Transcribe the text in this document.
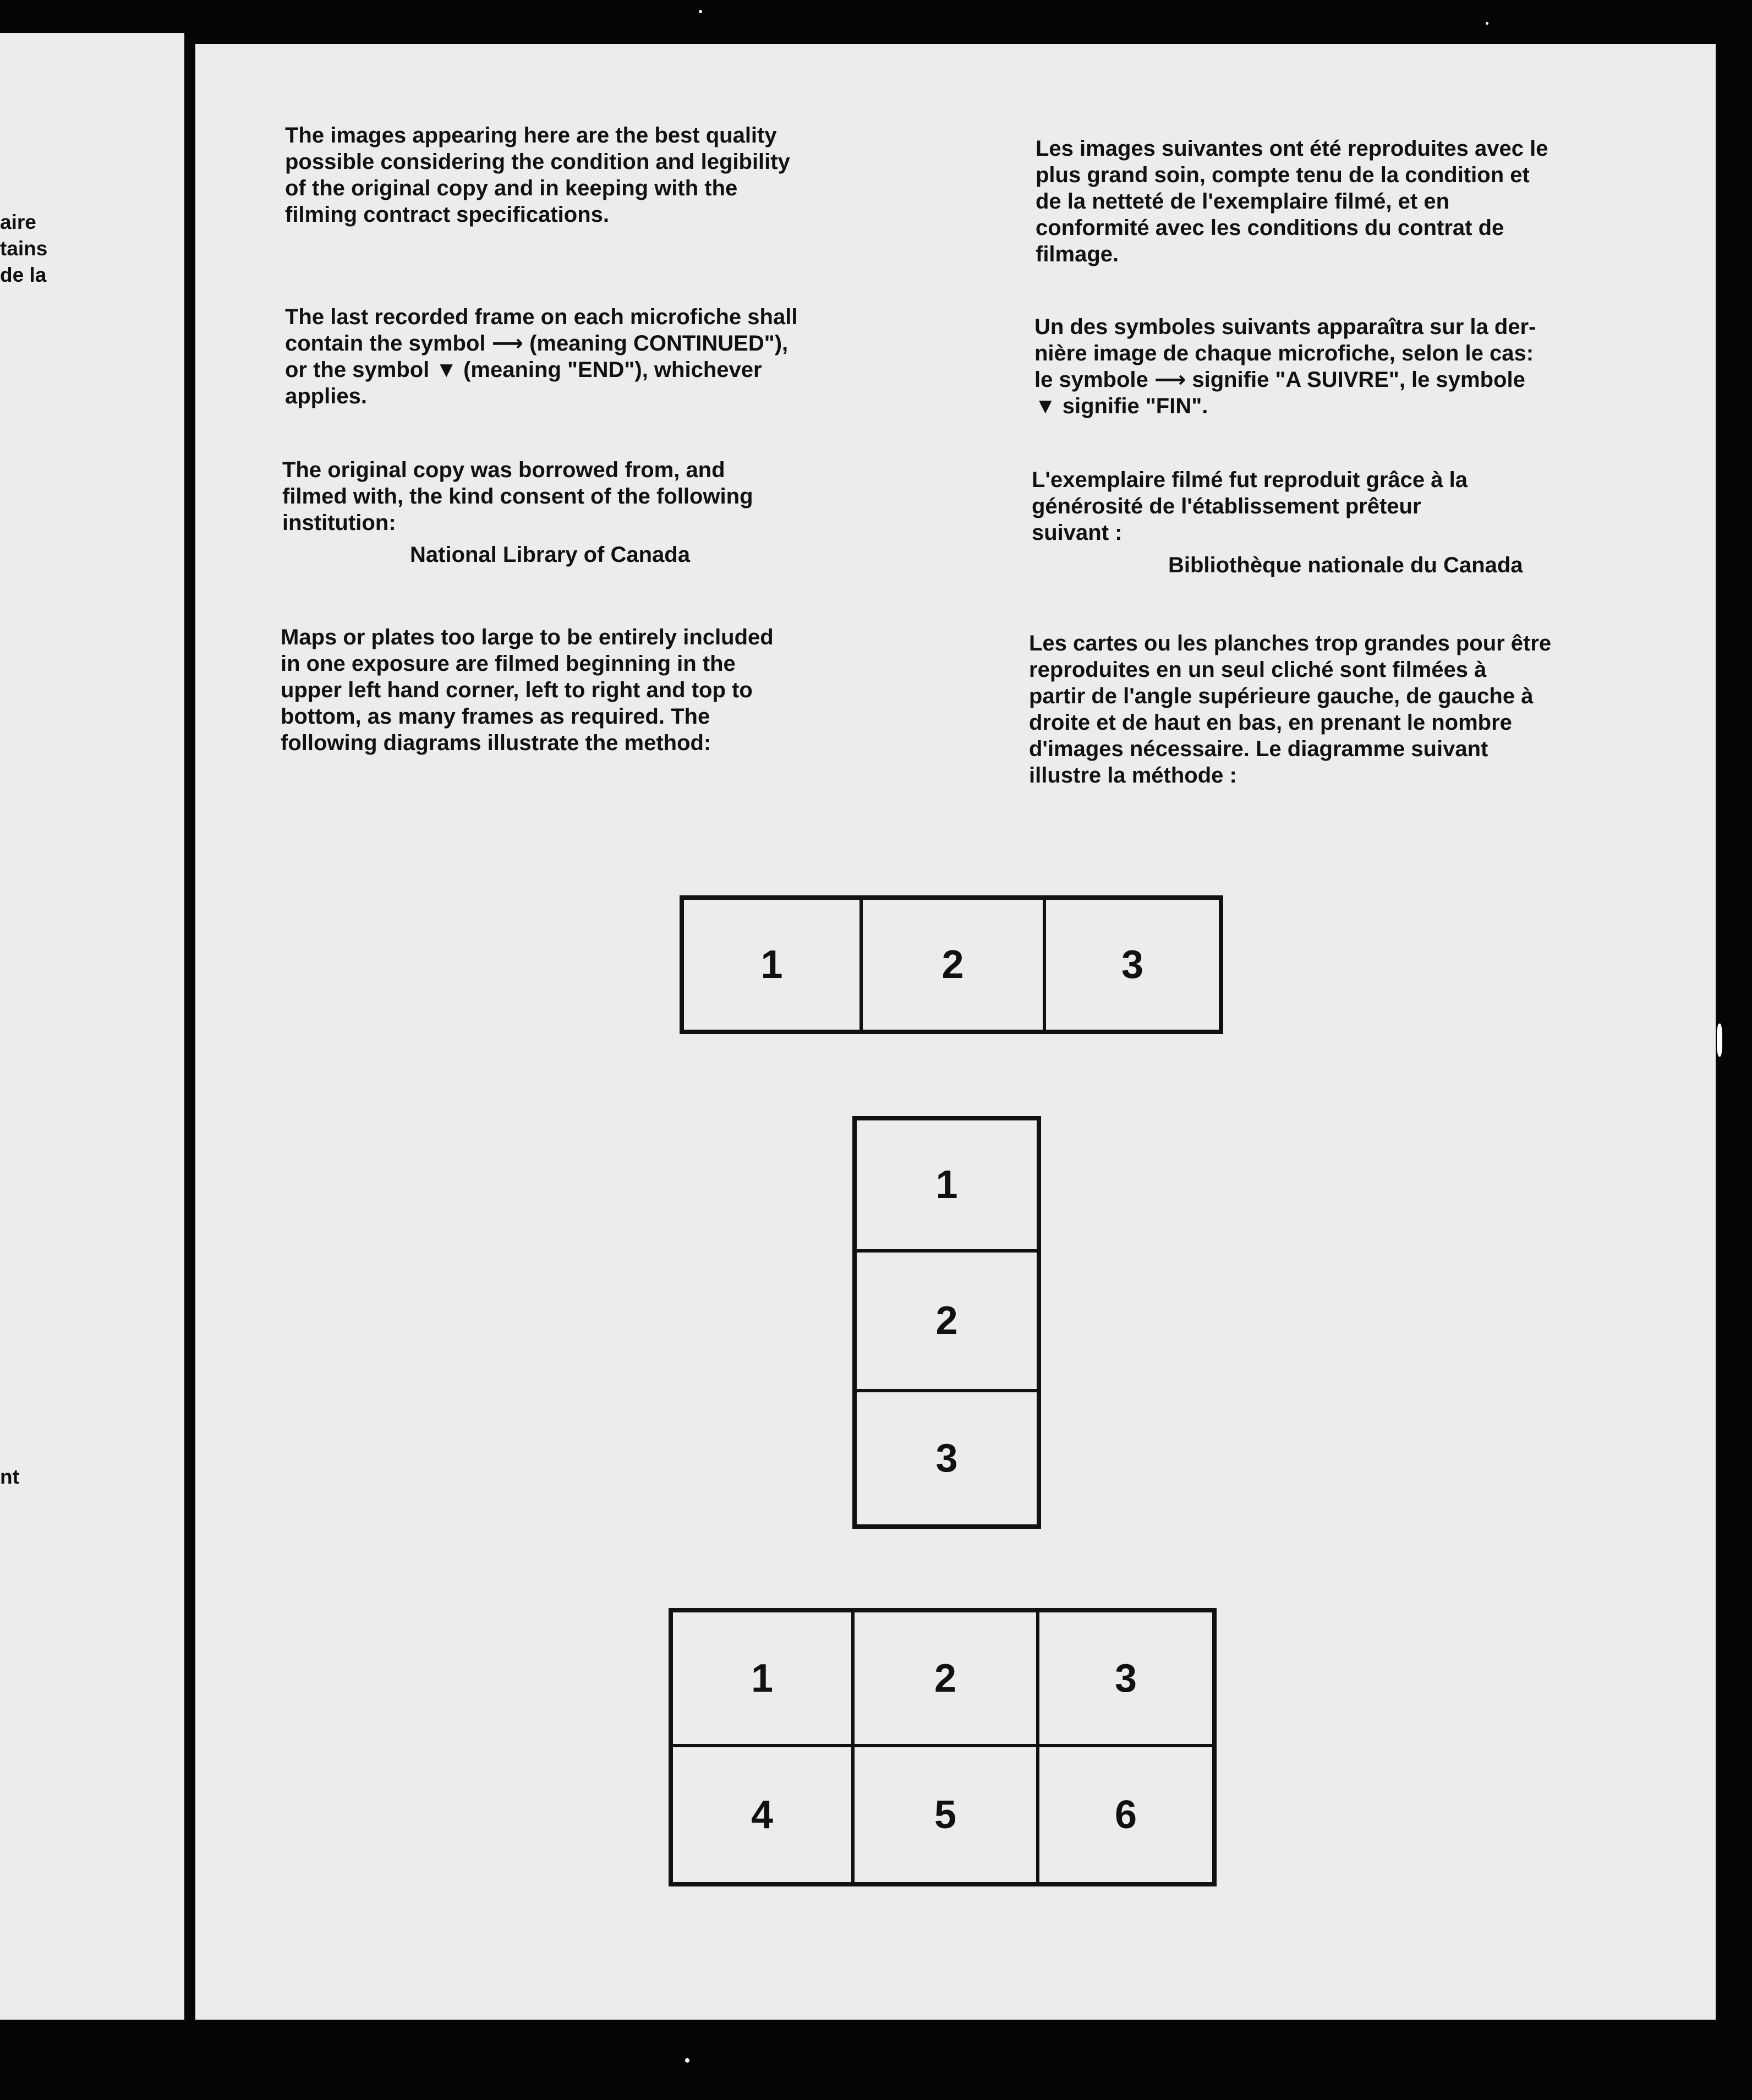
aire
tains
de la
nt

The images appearing here are the best quality
possible considering the condition and legibility
of the original copy and in keeping with the
filming contract specifications.

The last recorded frame on each microfiche shall
contain the symbol ⟶ (meaning CONTINUED"),
or the symbol ▼ (meaning "END"), whichever
applies.

The original copy was borrowed from, and
filmed with, the kind consent of the following
institution:

National Library of Canada

Maps or plates too large to be entirely included
in one exposure are filmed beginning in the
upper left hand corner, left to right and top to
bottom, as many frames as required. The
following diagrams illustrate the method:

Les images suivantes ont été reproduites avec le
plus grand soin, compte tenu de la condition et
de la netteté de l'exemplaire filmé, et en
conformité avec les conditions du contrat de
filmage.

Un des symboles suivants apparaîtra sur la der-
nière image de chaque microfiche, selon le cas:
le symbole ⟶ signifie "A SUIVRE", le symbole
▼ signifie "FIN".

L'exemplaire filmé fut reproduit grâce à la
générosité de l'établissement prêteur
suivant :

Bibliothèque nationale du Canada

Les cartes ou les planches trop grandes pour être
reproduites en un seul cliché sont filmées à
partir de l'angle supérieure gauche, de gauche à
droite et de haut en bas, en prenant le nombre
d'images nécessaire. Le diagramme suivant
illustre la méthode :

1	2	3
1
2
3
1	2	3
4	5	6
